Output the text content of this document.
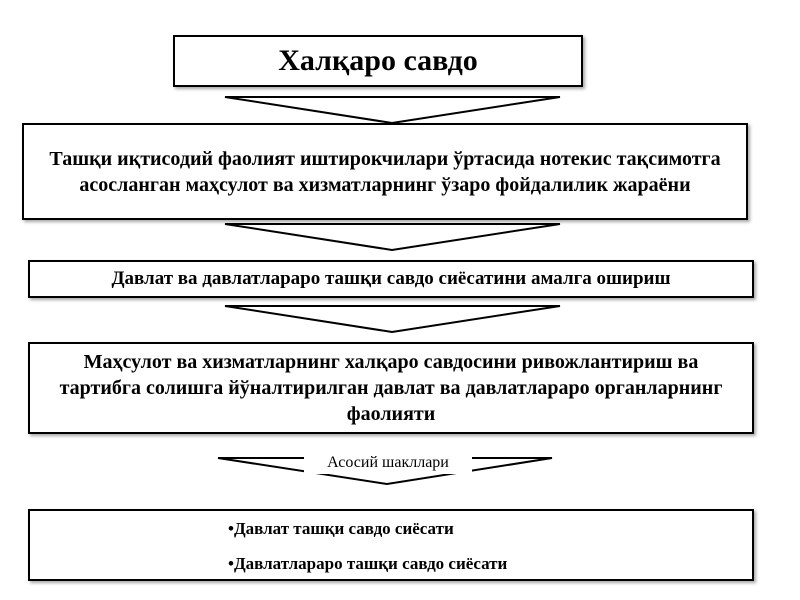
Халқаро савдо
Ташқи иқтисодий фаолият иштирокчилари ўртасида нотекис тақсимотга асосланган маҳсулот ва хизматларнинг ўзаро фойдалилик жараёни
Давлат ва давлатлараро ташқи савдо сиёсатини амалга ошириш
Маҳсулот ва хизматларнинг халқаро савдосини ривожлантириш ва тартибга солишга йўналтирилган давлат ва давлатлараро органларнинг фаолияти
Асосий шакллари
•Давлат ташқи савдо сиёсати
•Давлатлараро ташқи савдо сиёсати
